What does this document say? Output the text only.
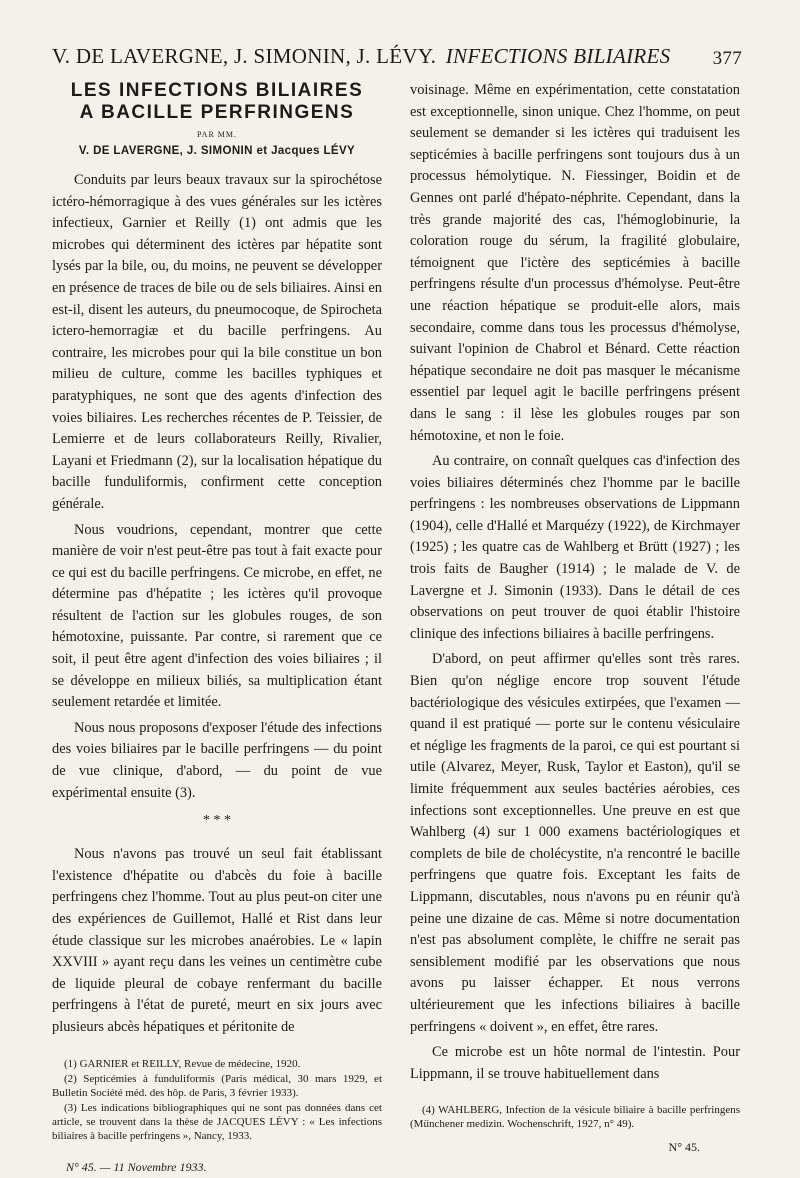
V. DE LAVERGNE, J. SIMONIN, J. LÉVY. INFECTIONS BILIAIRES 377
LES INFECTIONS BILIAIRES
A BACILLE PERFRINGENS
PAR MM.
V. DE LAVERGNE, J. SIMONIN et Jacques LÉVY

Conduits par leurs beaux travaux sur la spirochétose ictéro-hémorragique à des vues générales sur les ictères infectieux, Garnier et Reilly (1) ont admis que les microbes qui déterminent des ictères par hépatite sont lysés par la bile, ou, du moins, ne peuvent se développer en présence de traces de bile ou de sels biliaires. Ainsi en est-il, disent les auteurs, du pneumocoque, de Spirocheta ictero-hemorragiæ et du bacille perfringens. Au contraire, les microbes pour qui la bile constitue un bon milieu de culture, comme les bacilles typhiques et paratyphiques, ne sont que des agents d'infection des voies biliaires. Les recherches récentes de P. Teissier, de Lemierre et de leurs collaborateurs Reilly, Rivalier, Layani et Friedmann (2), sur la localisation hépatique du bacille funduliformis, confirment cette conception générale.

Nous voudrions, cependant, montrer que cette manière de voir n'est peut-être pas tout à fait exacte pour ce qui est du bacille perfringens. Ce microbe, en effet, ne détermine pas d'hépatite ; les ictères qu'il provoque résultent de l'action sur les globules rouges, de son hémotoxine, puissante. Par contre, si rarement que ce soit, il peut être agent d'infection des voies biliaires ; il se développe en milieux biliés, sa multiplication étant seulement retardée et limitée.

Nous nous proposons d'exposer l'étude des infections des voies biliaires par le bacille perfringens — du point de vue clinique, d'abord, — du point de vue expérimental ensuite (3).

* * *

Nous n'avons pas trouvé un seul fait établissant l'existence d'hépatite ou d'abcès du foie à bacille perfringens chez l'homme. Tout au plus peut-on citer une des expériences de Guillemot, Hallé et Rist dans leur étude classique sur les microbes anaérobies. Le « lapin XXVIII » ayant reçu dans les veines un centimètre cube de liquide pleural de cobaye renfermant du bacille perfringens à l'état de pureté, meurt en six jours avec plusieurs abcès hépatiques et péritonite de

(1) GARNIER et REILLY, Revue de médecine, 1920.

(2) Septicémies à funduliformis (Paris médical, 30 mars 1929, et Bulletin Société méd. des hôp. de Paris, 3 février 1933).

(3) Les indications bibliographiques qui ne sont pas données dans cet article, se trouvent dans la thèse de JACQUES LÉVY : « Les infections biliaires à bacille perfringens », Nancy, 1933.

N° 45. — 11 Novembre 1933.

voisinage. Même en expérimentation, cette constatation est exceptionnelle, sinon unique. Chez l'homme, on peut seulement se demander si les ictères qui traduisent les septicémies à bacille perfringens sont toujours dus à un processus hémolytique. N. Fiessinger, Boidin et de Gennes ont parlé d'hépato-néphrite. Cependant, dans la très grande majorité des cas, l'hémoglobinurie, la coloration rouge du sérum, la fragilité globulaire, témoignent que l'ictère des septicémies à bacille perfringens résulte d'un processus d'hémolyse. Peut-être une réaction hépatique se produit-elle alors, mais secondaire, comme dans tous les processus d'hémolyse, suivant l'opinion de Chabrol et Bénard. Cette réaction hépatique secondaire ne doit pas masquer le mécanisme essentiel par lequel agit le bacille perfringens présent dans le sang : il lèse les globules rouges par son hémotoxine, et non le foie.

Au contraire, on connaît quelques cas d'infection des voies biliaires déterminés chez l'homme par le bacille perfringens : les nombreuses observations de Lippmann (1904), celle d'Hallé et Marquézy (1922), de Kirchmayer (1925) ; les quatre cas de Wahlberg et Brütt (1927) ; les trois faits de Baugher (1914) ; le malade de V. de Lavergne et J. Simonin (1933). Dans le détail de ces observations on peut trouver de quoi établir l'histoire clinique des infections biliaires à bacille perfringens.

D'abord, on peut affirmer qu'elles sont très rares. Bien qu'on néglige encore trop souvent l'étude bactériologique des vésicules extirpées, que l'examen — quand il est pratiqué — porte sur le contenu vésiculaire et néglige les fragments de la paroi, ce qui est pourtant si utile (Alvarez, Meyer, Rusk, Taylor et Easton), qu'il se limite fréquemment aux seules bactéries aérobies, ces infections sont exceptionnelles. Une preuve en est que Wahlberg (4) sur 1 000 examens bactériologiques et complets de bile de cholécystite, n'a rencontré le bacille perfringens que quatre fois. Exceptant les faits de Lippmann, discutables, nous n'avons pu en réunir qu'à peine une dizaine de cas. Même si notre documentation n'est pas absolument complète, le chiffre ne serait pas sensiblement modifié par les observations que nous avons pu laisser échapper. Et nous verrons ultérieurement que les infections biliaires à bacille perfringens « doivent », en effet, être rares.

Ce microbe est un hôte normal de l'intestin. Pour Lippmann, il se trouve habituellement dans

(4) WAHLBERG, Infection de la vésicule biliaire à bacille perfringens (Münchener medizin. Wochenschrift, 1927, n° 49).

N° 45.
